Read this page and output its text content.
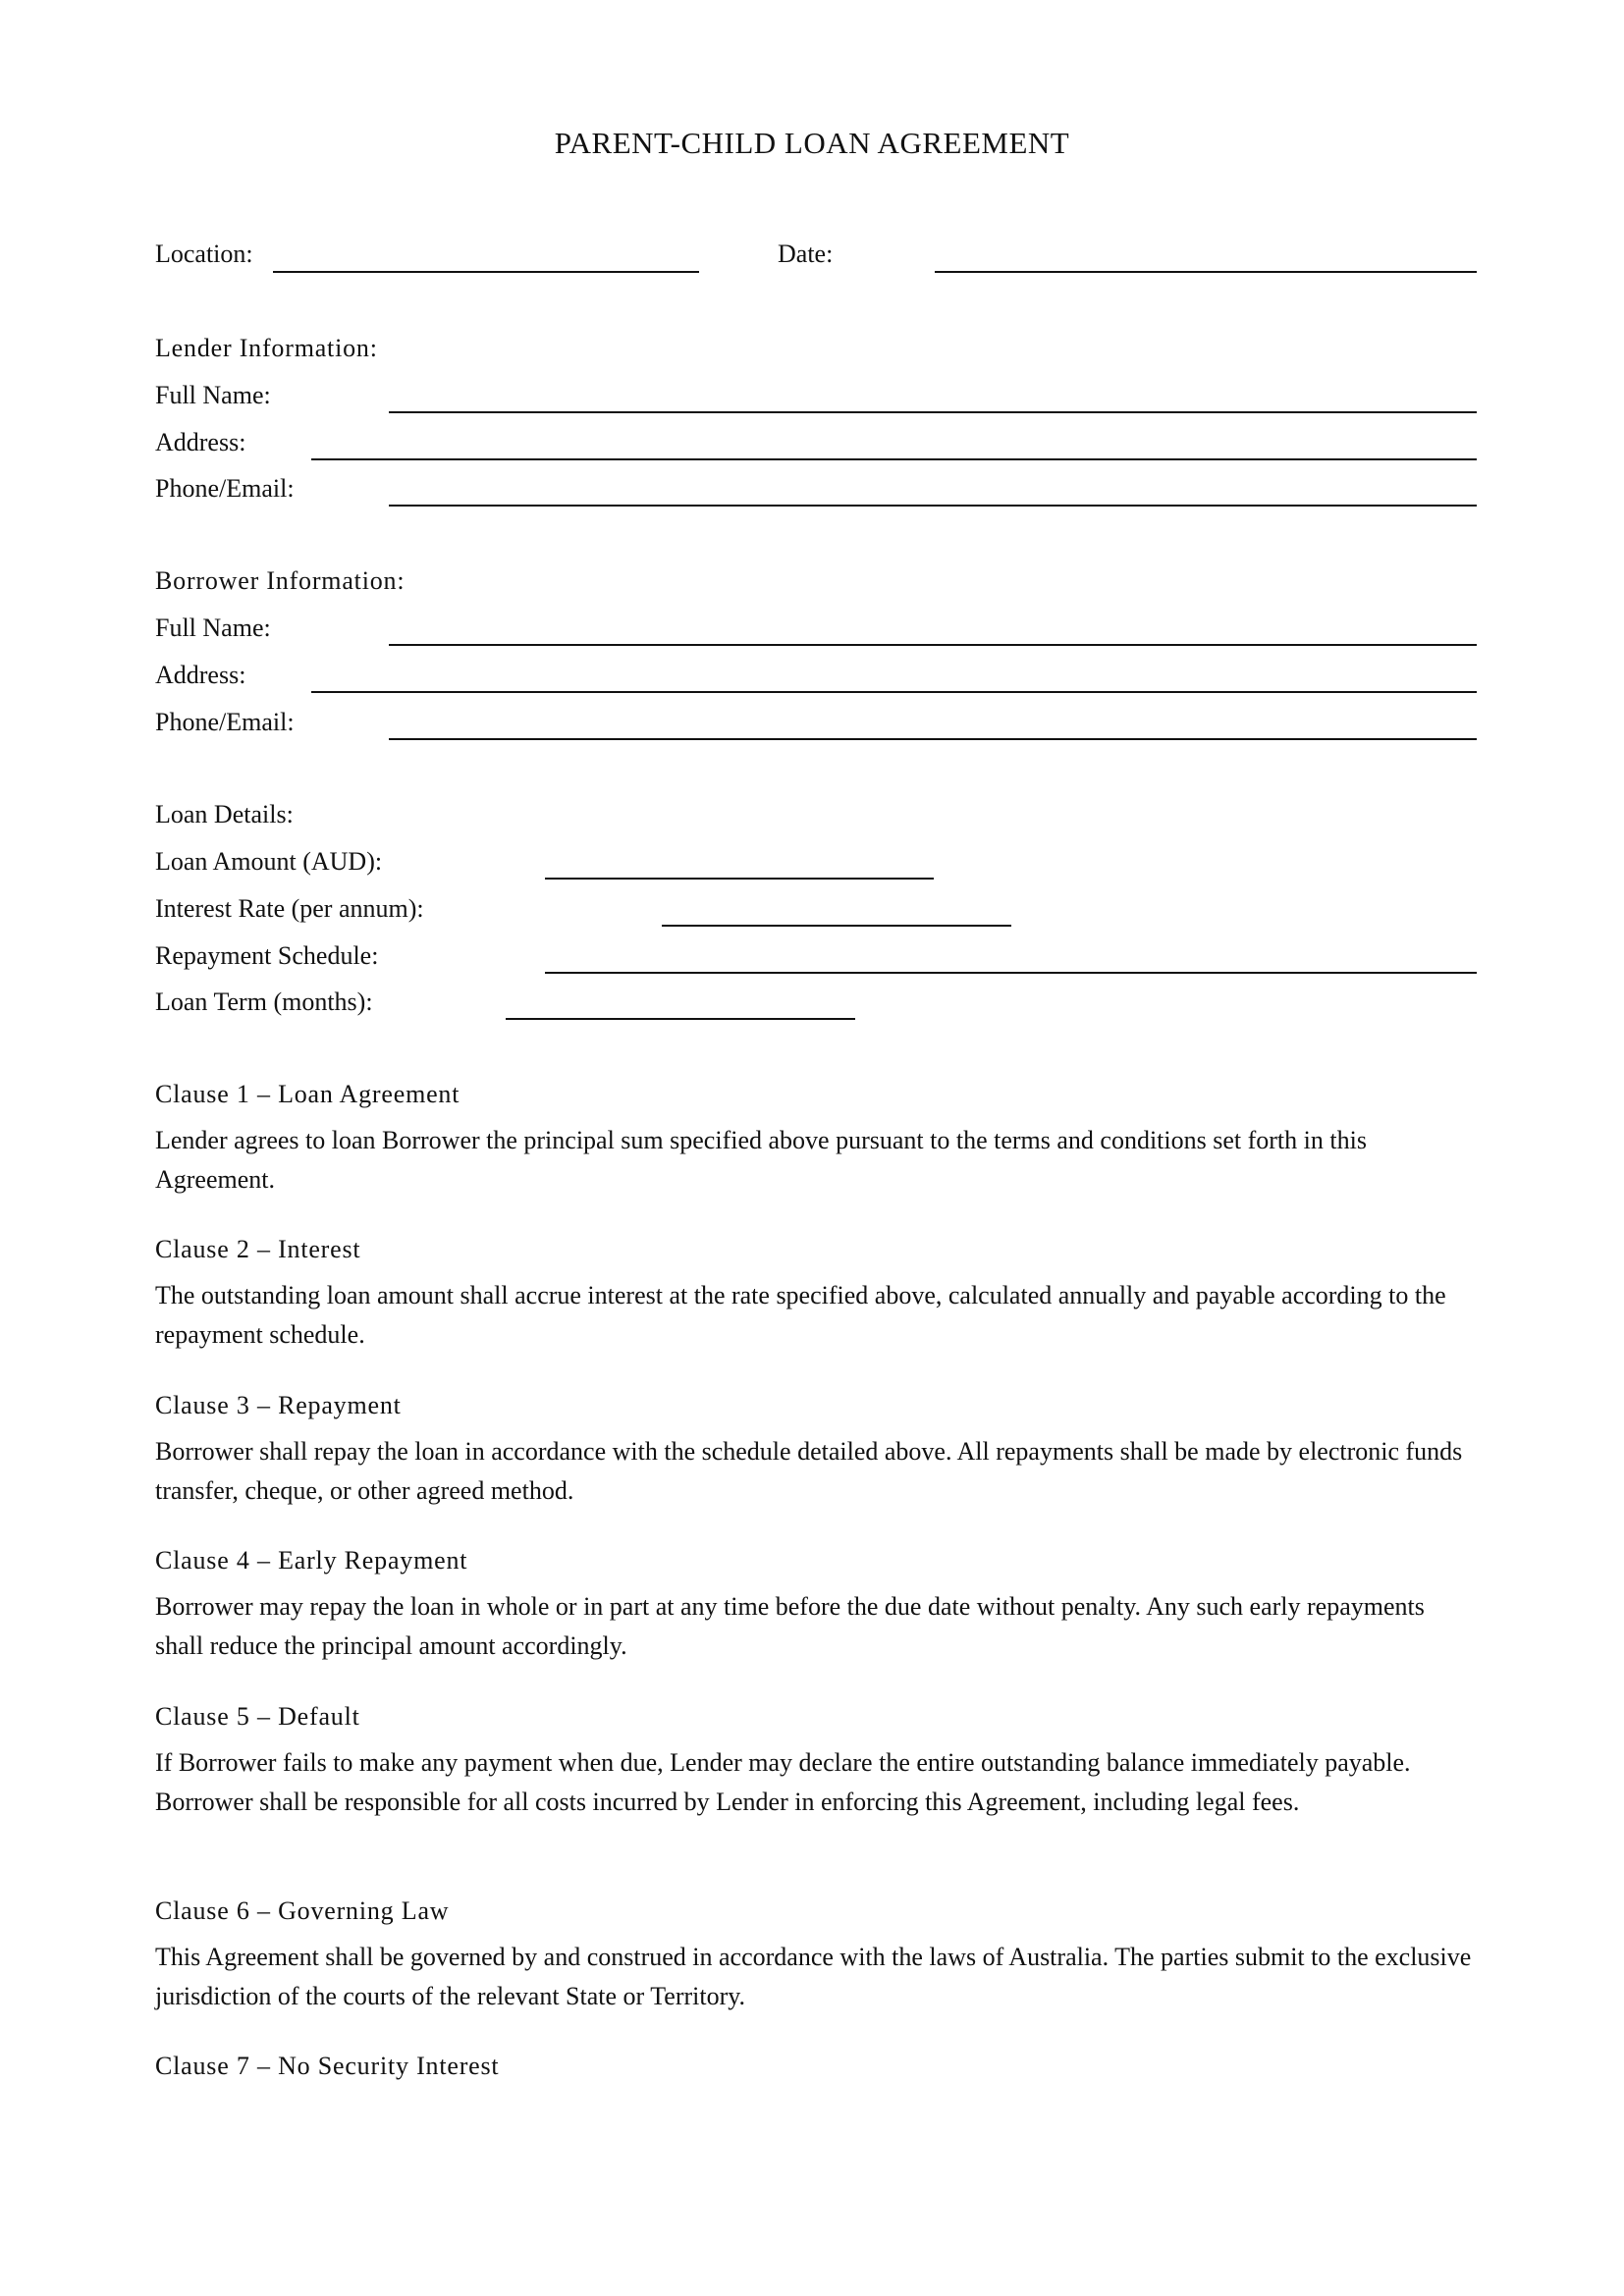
PARENT-CHILD LOAN AGREEMENT
Location:	Date:
Lender Information:
Full Name:
Address:
Phone/Email:
Borrower Information:
Full Name:
Address:
Phone/Email:
Loan Details:
Loan Amount (AUD):
Interest Rate (per annum):
Repayment Schedule:
Loan Term (months):
Clause 1 – Loan Agreement
Lender agrees to loan Borrower the principal sum specified above pursuant to the terms and conditions set forth in this Agreement.
Clause 2 – Interest
The outstanding loan amount shall accrue interest at the rate specified above, calculated annually and payable according to the repayment schedule.
Clause 3 – Repayment
Borrower shall repay the loan in accordance with the schedule detailed above. All repayments shall be made by electronic funds transfer, cheque, or other agreed method.
Clause 4 – Early Repayment
Borrower may repay the loan in whole or in part at any time before the due date without penalty. Any such early repayments shall reduce the principal amount accordingly.
Clause 5 – Default
If Borrower fails to make any payment when due, Lender may declare the entire outstanding balance immediately payable. Borrower shall be responsible for all costs incurred by Lender in enforcing this Agreement, including legal fees.
Clause 6 – Governing Law
This Agreement shall be governed by and construed in accordance with the laws of Australia. The parties submit to the exclusive jurisdiction of the courts of the relevant State or Territory.
Clause 7 – No Security Interest
